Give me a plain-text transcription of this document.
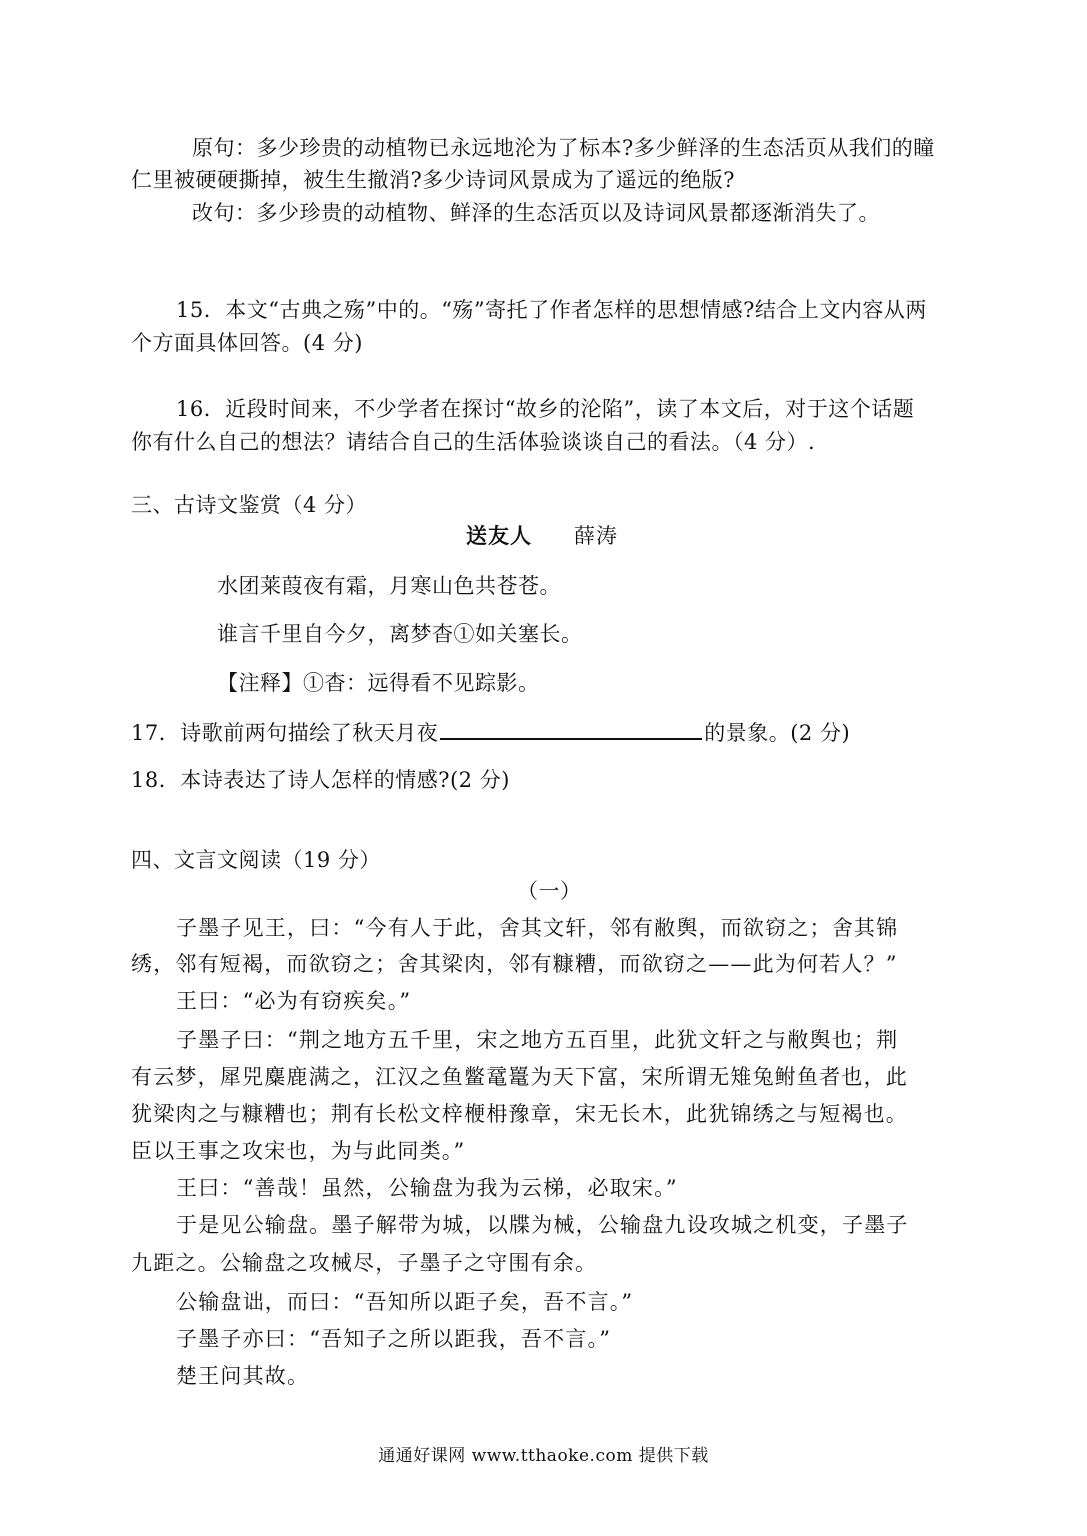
原句：多少珍贵的动植物已永远地沦为了标本?多少鲜泽的生态活页从我们的瞳
仁里被硬硬撕掉，被生生撤消?多少诗词风景成为了遥远的绝版?
改句：多少珍贵的动植物、鲜泽的生态活页以及诗词风景都逐渐消失了。
15．本文“古典之殇”中的。“殇”寄托了作者怎样的思想情感?结合上文内容从两
个方面具体回答。(4 分)
16．近段时间来，不少学者在探讨“故乡的沦陷”，读了本文后，对于这个话题
你有什么自己的想法？请结合自己的生活体验谈谈自己的看法。（4 分）.
三、古诗文鉴赏（4 分）
送友人 薛涛
水团莱葭夜有霜，月寒山色共苍苍。
谁言千里自今夕，离梦杳①如关塞长。
【注释】①杳：远得看不见踪影。
17．诗歌前两句描绘了秋天月夜	的景象。(2 分)
18．本诗表达了诗人怎样的情感?(2 分)
四、文言文阅读（19 分）
（一）
子墨子见王，曰：“今有人于此，舍其文轩，邻有敝舆，而欲窃之；舍其锦
绣，邻有短褐，而欲窃之；舍其梁肉，邻有糠糟，而欲窃之——此为何若人？”
王曰：“必为有窃疾矣。”
子墨子曰：“荆之地方五千里，宋之地方五百里，此犹文轩之与敝舆也；荆
有云梦，犀兕麋鹿满之，江汉之鱼鳖鼋鼍为天下富，宋所谓无雉兔鲋鱼者也，此
犹梁肉之与糠糟也；荆有长松文梓楩枏豫章，宋无长木，此犹锦绣之与短褐也。
臣以王事之攻宋也，为与此同类。”
王曰：“善哉！虽然，公输盘为我为云梯，必取宋。”
于是见公输盘。墨子解带为城，以牒为械，公输盘九设攻城之机变，子墨子
九距之。公输盘之攻械尽，子墨子之守围有余。
公输盘诎，而曰：“吾知所以距子矣，吾不言。”
子墨子亦曰：“吾知子之所以距我，吾不言。”
楚王问其故。
通通好课网 www.tthaoke.com 提供下载
